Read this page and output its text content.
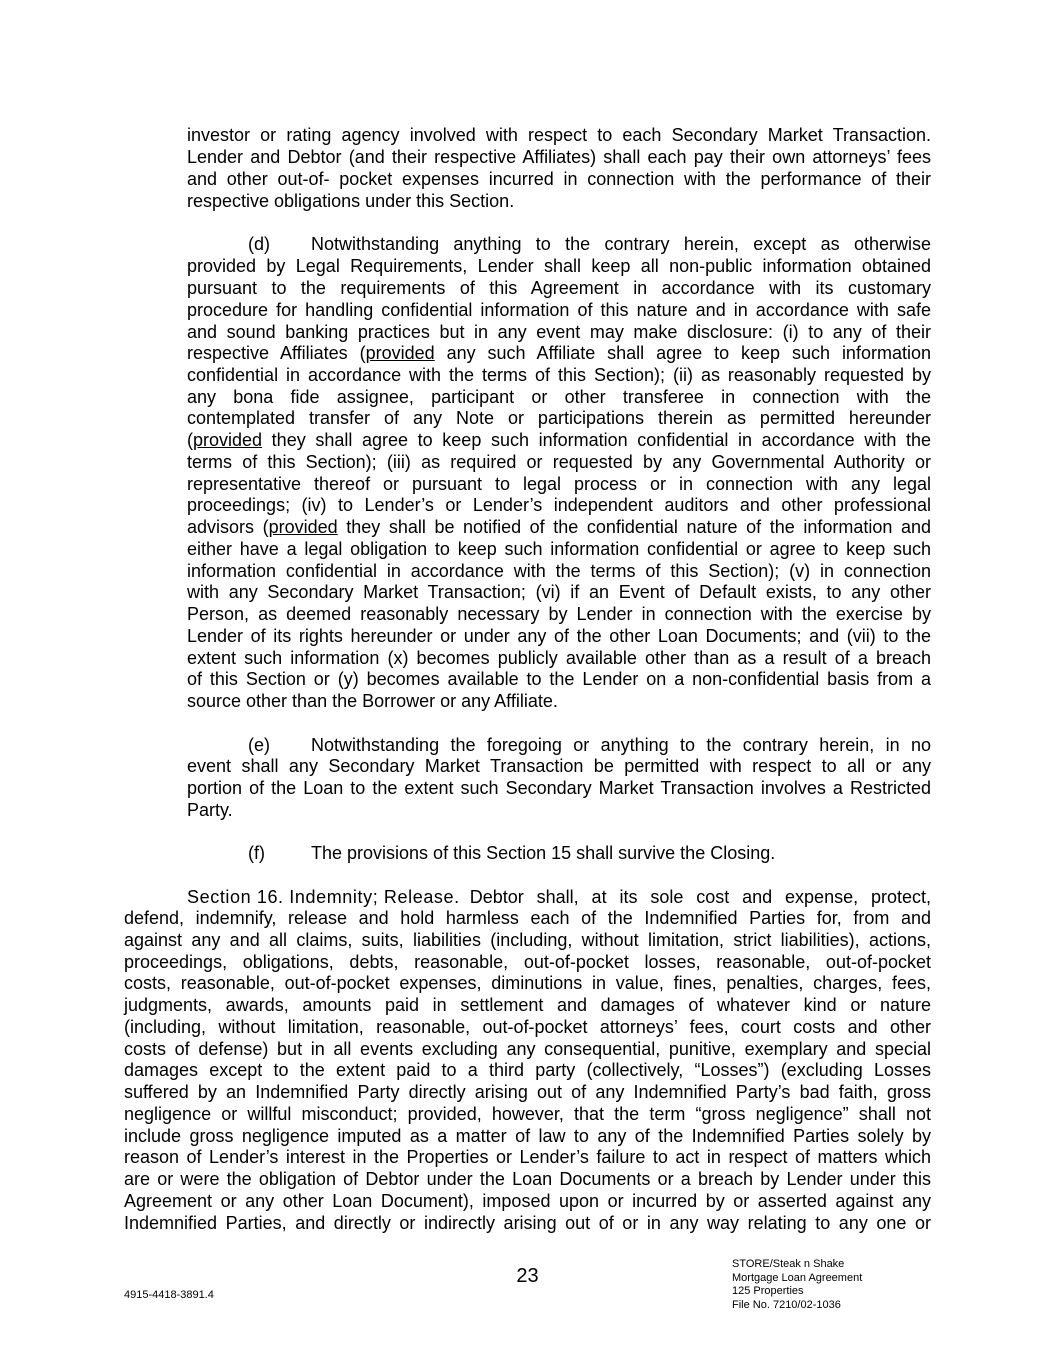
investor or rating agency involved with respect to each Secondary Market Transaction.
Lender and Debtor (and their respective Affiliates) shall each pay their own attorneys’ fees
and other out-of- pocket expenses incurred in connection with the performance of their
respective obligations under this Section.
(d)	Notwithstanding anything to the contrary herein, except as otherwise
provided by Legal Requirements, Lender shall keep all non-public information obtained
pursuant to the requirements of this Agreement in accordance with its customary
procedure for handling confidential information of this nature and in accordance with safe
and sound banking practices but in any event may make disclosure: (i) to any of their
respective Affiliates (provided any such Affiliate shall agree to keep such information
confidential in accordance with the terms of this Section); (ii) as reasonably requested by
any bona fide assignee, participant or other transferee in connection with the
contemplated transfer of any Note or participations therein as permitted hereunder
(provided they shall agree to keep such information confidential in accordance with the
terms of this Section); (iii) as required or requested by any Governmental Authority or
representative thereof or pursuant to legal process or in connection with any legal
proceedings; (iv) to Lender’s or Lender’s independent auditors and other professional
advisors (provided they shall be notified of the confidential nature of the information and
either have a legal obligation to keep such information confidential or agree to keep such
information confidential in accordance with the terms of this Section); (v) in connection
with any Secondary Market Transaction; (vi) if an Event of Default exists, to any other
Person, as deemed reasonably necessary by Lender in connection with the exercise by
Lender of its rights hereunder or under any of the other Loan Documents; and (vii) to the
extent such information (x) becomes publicly available other than as a result of a breach
of this Section or (y) becomes available to the Lender on a non-confidential basis from a
source other than the Borrower or any Affiliate.
(e)	Notwithstanding the foregoing or anything to the contrary herein, in no
event shall any Secondary Market Transaction be permitted with respect to all or any
portion of the Loan to the extent such Secondary Market Transaction involves a Restricted
Party.
(f)	The provisions of this Section 15 shall survive the Closing.
Section 16. Indemnity; Release. Debtor shall, at its sole cost and expense, protect,
defend, indemnify, release and hold harmless each of the Indemnified Parties for, from and
against any and all claims, suits, liabilities (including, without limitation, strict liabilities), actions,
proceedings, obligations, debts, reasonable, out-of-pocket losses, reasonable, out-of-pocket
costs, reasonable, out-of-pocket expenses, diminutions in value, fines, penalties, charges, fees,
judgments, awards, amounts paid in settlement and damages of whatever kind or nature
(including, without limitation, reasonable, out-of-pocket attorneys’ fees, court costs and other
costs of defense) but in all events excluding any consequential, punitive, exemplary and special
damages except to the extent paid to a third party (collectively, “Losses”) (excluding Losses
suffered by an Indemnified Party directly arising out of any Indemnified Party’s bad faith, gross
negligence or willful misconduct; provided, however, that the term “gross negligence” shall not
include gross negligence imputed as a matter of law to any of the Indemnified Parties solely by
reason of Lender’s interest in the Properties or Lender’s failure to act in respect of matters which
are or were the obligation of Debtor under the Loan Documents or a breach by Lender under this
Agreement or any other Loan Document), imposed upon or incurred by or asserted against any
Indemnified Parties, and directly or indirectly arising out of or in any way relating to any one or
23
4915-4418-3891.4
STORE/Steak n Shake
Mortgage Loan Agreement
125 Properties
File No. 7210/02-1036
